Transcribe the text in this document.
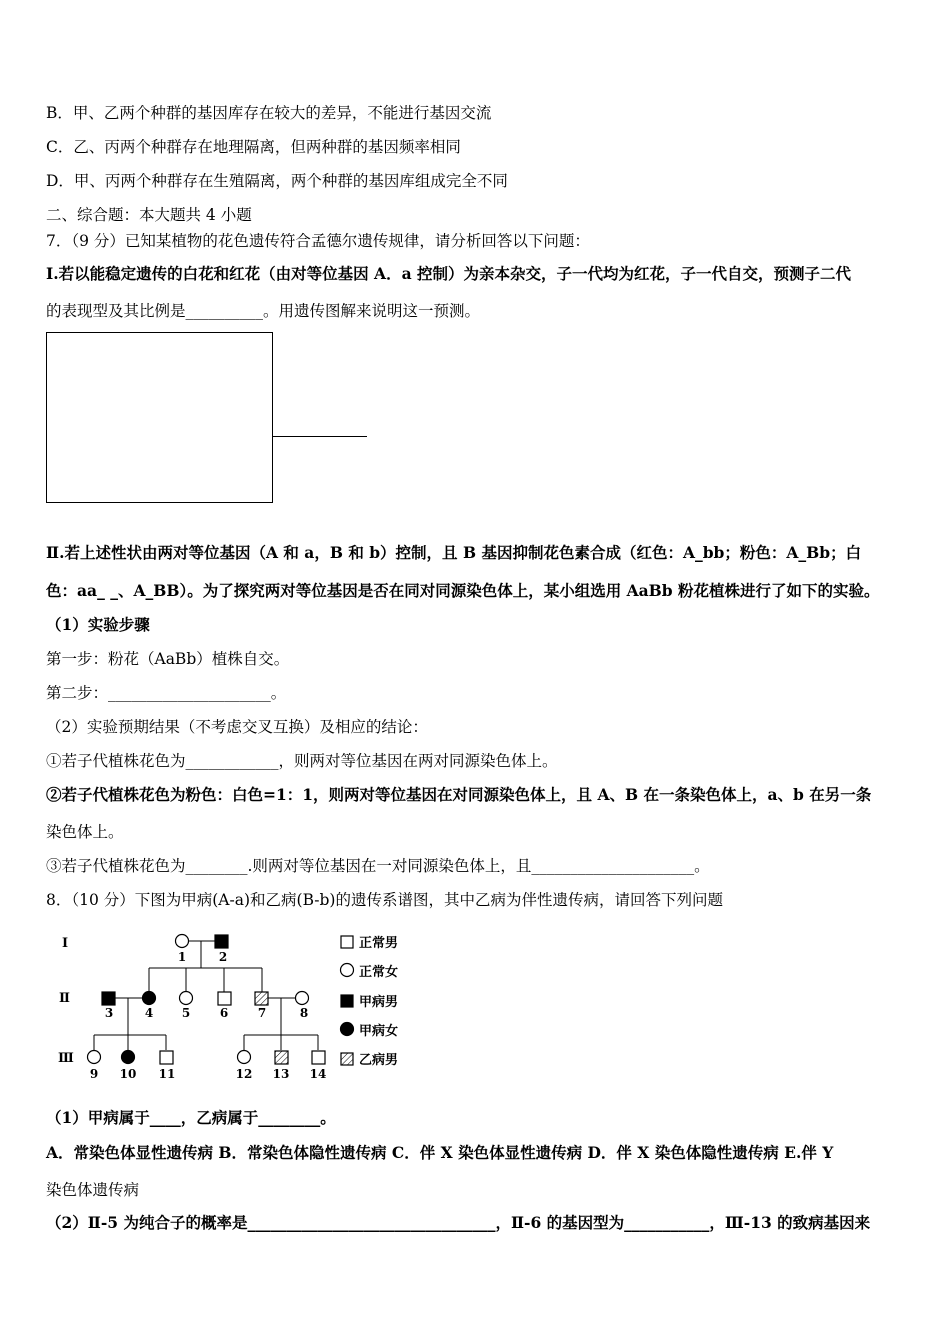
B．甲、乙两个种群的基因库存在较大的差异，不能进行基因交流
C．乙、丙两个种群存在地理隔离，但两种群的基因频率相同
D．甲、丙两个种群存在生殖隔离，两个种群的基因库组成完全不同
二、综合题：本大题共 4 小题
7．（9 分）已知某植物的花色遗传符合孟德尔遗传规律，请分析回答以下问题：
Ⅰ.若以能稳定遗传的白花和红花（由对等位基因 A．a 控制）为亲本杂交，子一代均为红花，子一代自交，预测子二代
的表现型及其比例是__________。用遗传图解来说明这一预测。
Ⅱ.若上述性状由两对等位基因（A 和 a，B 和 b）控制，且 B 基因抑制花色素合成（红色：A_bb；粉色：A_Bb；白
色：aa_ _、A_BB）。为了探究两对等位基因是否在同对同源染色体上，某小组选用 AaBb 粉花植株进行了如下的实验。
（1）实验步骤
第一步：粉花（AaBb）植株自交。
第二步：_____________________。
（2）实验预期结果（不考虑交叉互换）及相应的结论：
①若子代植株花色为____________，则两对等位基因在两对同源染色体上。
②若子代植株花色为粉色：白色=1：1，则两对等位基因在对同源染色体上，且 A、B 在一条染色体上，a、b 在另一条
染色体上。
③若子代植株花色为________.则两对等位基因在一对同源染色体上，且_____________________。
8．（10 分）下图为甲病(A-a)和乙病(B-b)的遗传系谱图，其中乙病为伴性遗传病，请回答下列问题
Ⅰ
Ⅱ
Ⅲ
1	2
3	4 5 6 7	8
9 10 11	12 13 14
正常男
正常女
甲病男
甲病女
乙病男
（1）甲病属于____，乙病属于________。
A．常染色体显性遗传病 B．常染色体隐性遗传病 C．伴 X 染色体显性遗传病 D．伴 X 染色体隐性遗传病 E.伴 Y
染色体遗传病
（2）Ⅱ-5 为纯合子的概率是________________________________，Ⅱ-6 的基因型为___________，Ⅲ-13 的致病基因来
